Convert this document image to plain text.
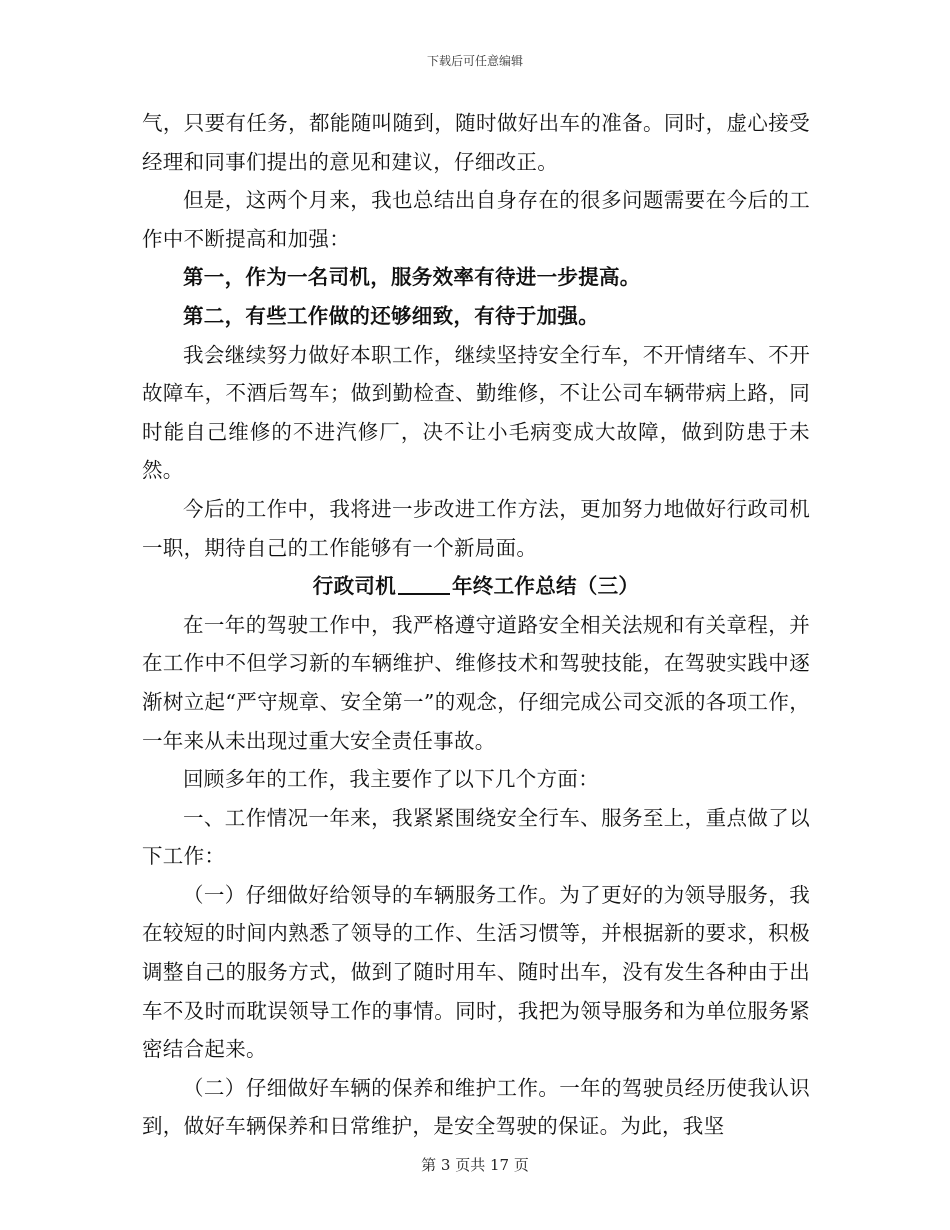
下载后可任意编辑

气，只要有任务，都能随叫随到，随时做好出车的准备。同时，虚心接受经理和同事们提出的意见和建议，仔细改正。

但是，这两个月来，我也总结出自身存在的很多问题需要在今后的工作中不断提高和加强：

第一，作为一名司机，服务效率有待进一步提高。

第二，有些工作做的还够细致，有待于加强。

我会继续努力做好本职工作，继续坚持安全行车，不开情绪车、不开故障车，不酒后驾车；做到勤检查、勤维修，不让公司车辆带病上路，同时能自己维修的不进汽修厂，决不让小毛病变成大故障，做到防患于未然。

今后的工作中，我将进一步改进工作方法，更加努力地做好行政司机一职，期待自己的工作能够有一个新局面。

行政司机	年终工作总结（三）

在一年的驾驶工作中，我严格遵守道路安全相关法规和有关章程，并在工作中不但学习新的车辆维护、维修技术和驾驶技能，在驾驶实践中逐渐树立起“严守规章、安全第一”的观念，仔细完成公司交派的各项工作，一年来从未出现过重大安全责任事故。

回顾多年的工作，我主要作了以下几个方面：

一、工作情况一年来，我紧紧围绕安全行车、服务至上，重点做了以下工作：

（一）仔细做好给领导的车辆服务工作。为了更好的为领导服务，我在较短的时间内熟悉了领导的工作、生活习惯等，并根据新的要求，积极调整自己的服务方式，做到了随时用车、随时出车，没有发生各种由于出车不及时而耽误领导工作的事情。同时，我把为领导服务和为单位服务紧密结合起来。

（二）仔细做好车辆的保养和维护工作。一年的驾驶员经历使我认识到，做好车辆保养和日常维护，是安全驾驶的保证。为此，我坚

第 3 页共 17 页
